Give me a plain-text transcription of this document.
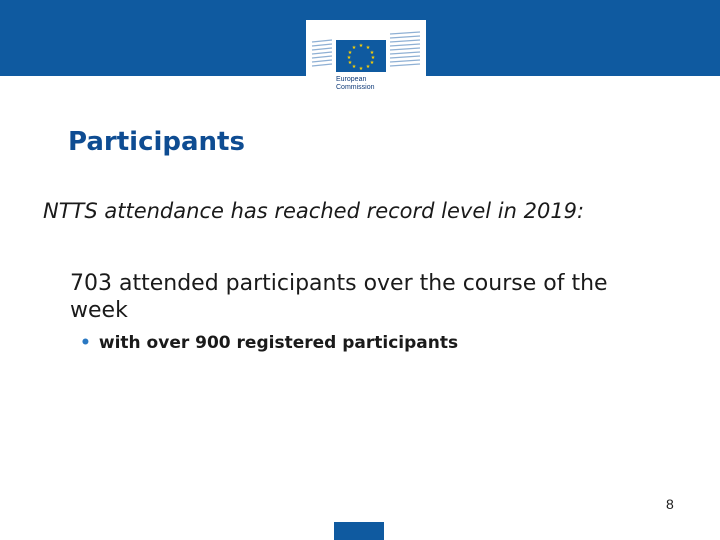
★ ★
★
★
★
★
★
★
★
★
★
★
European
Commission
Participants

NTTS attendance has reached record level in 2019:

703 attended participants over the course of the week

• with over 900 registered participants

8
